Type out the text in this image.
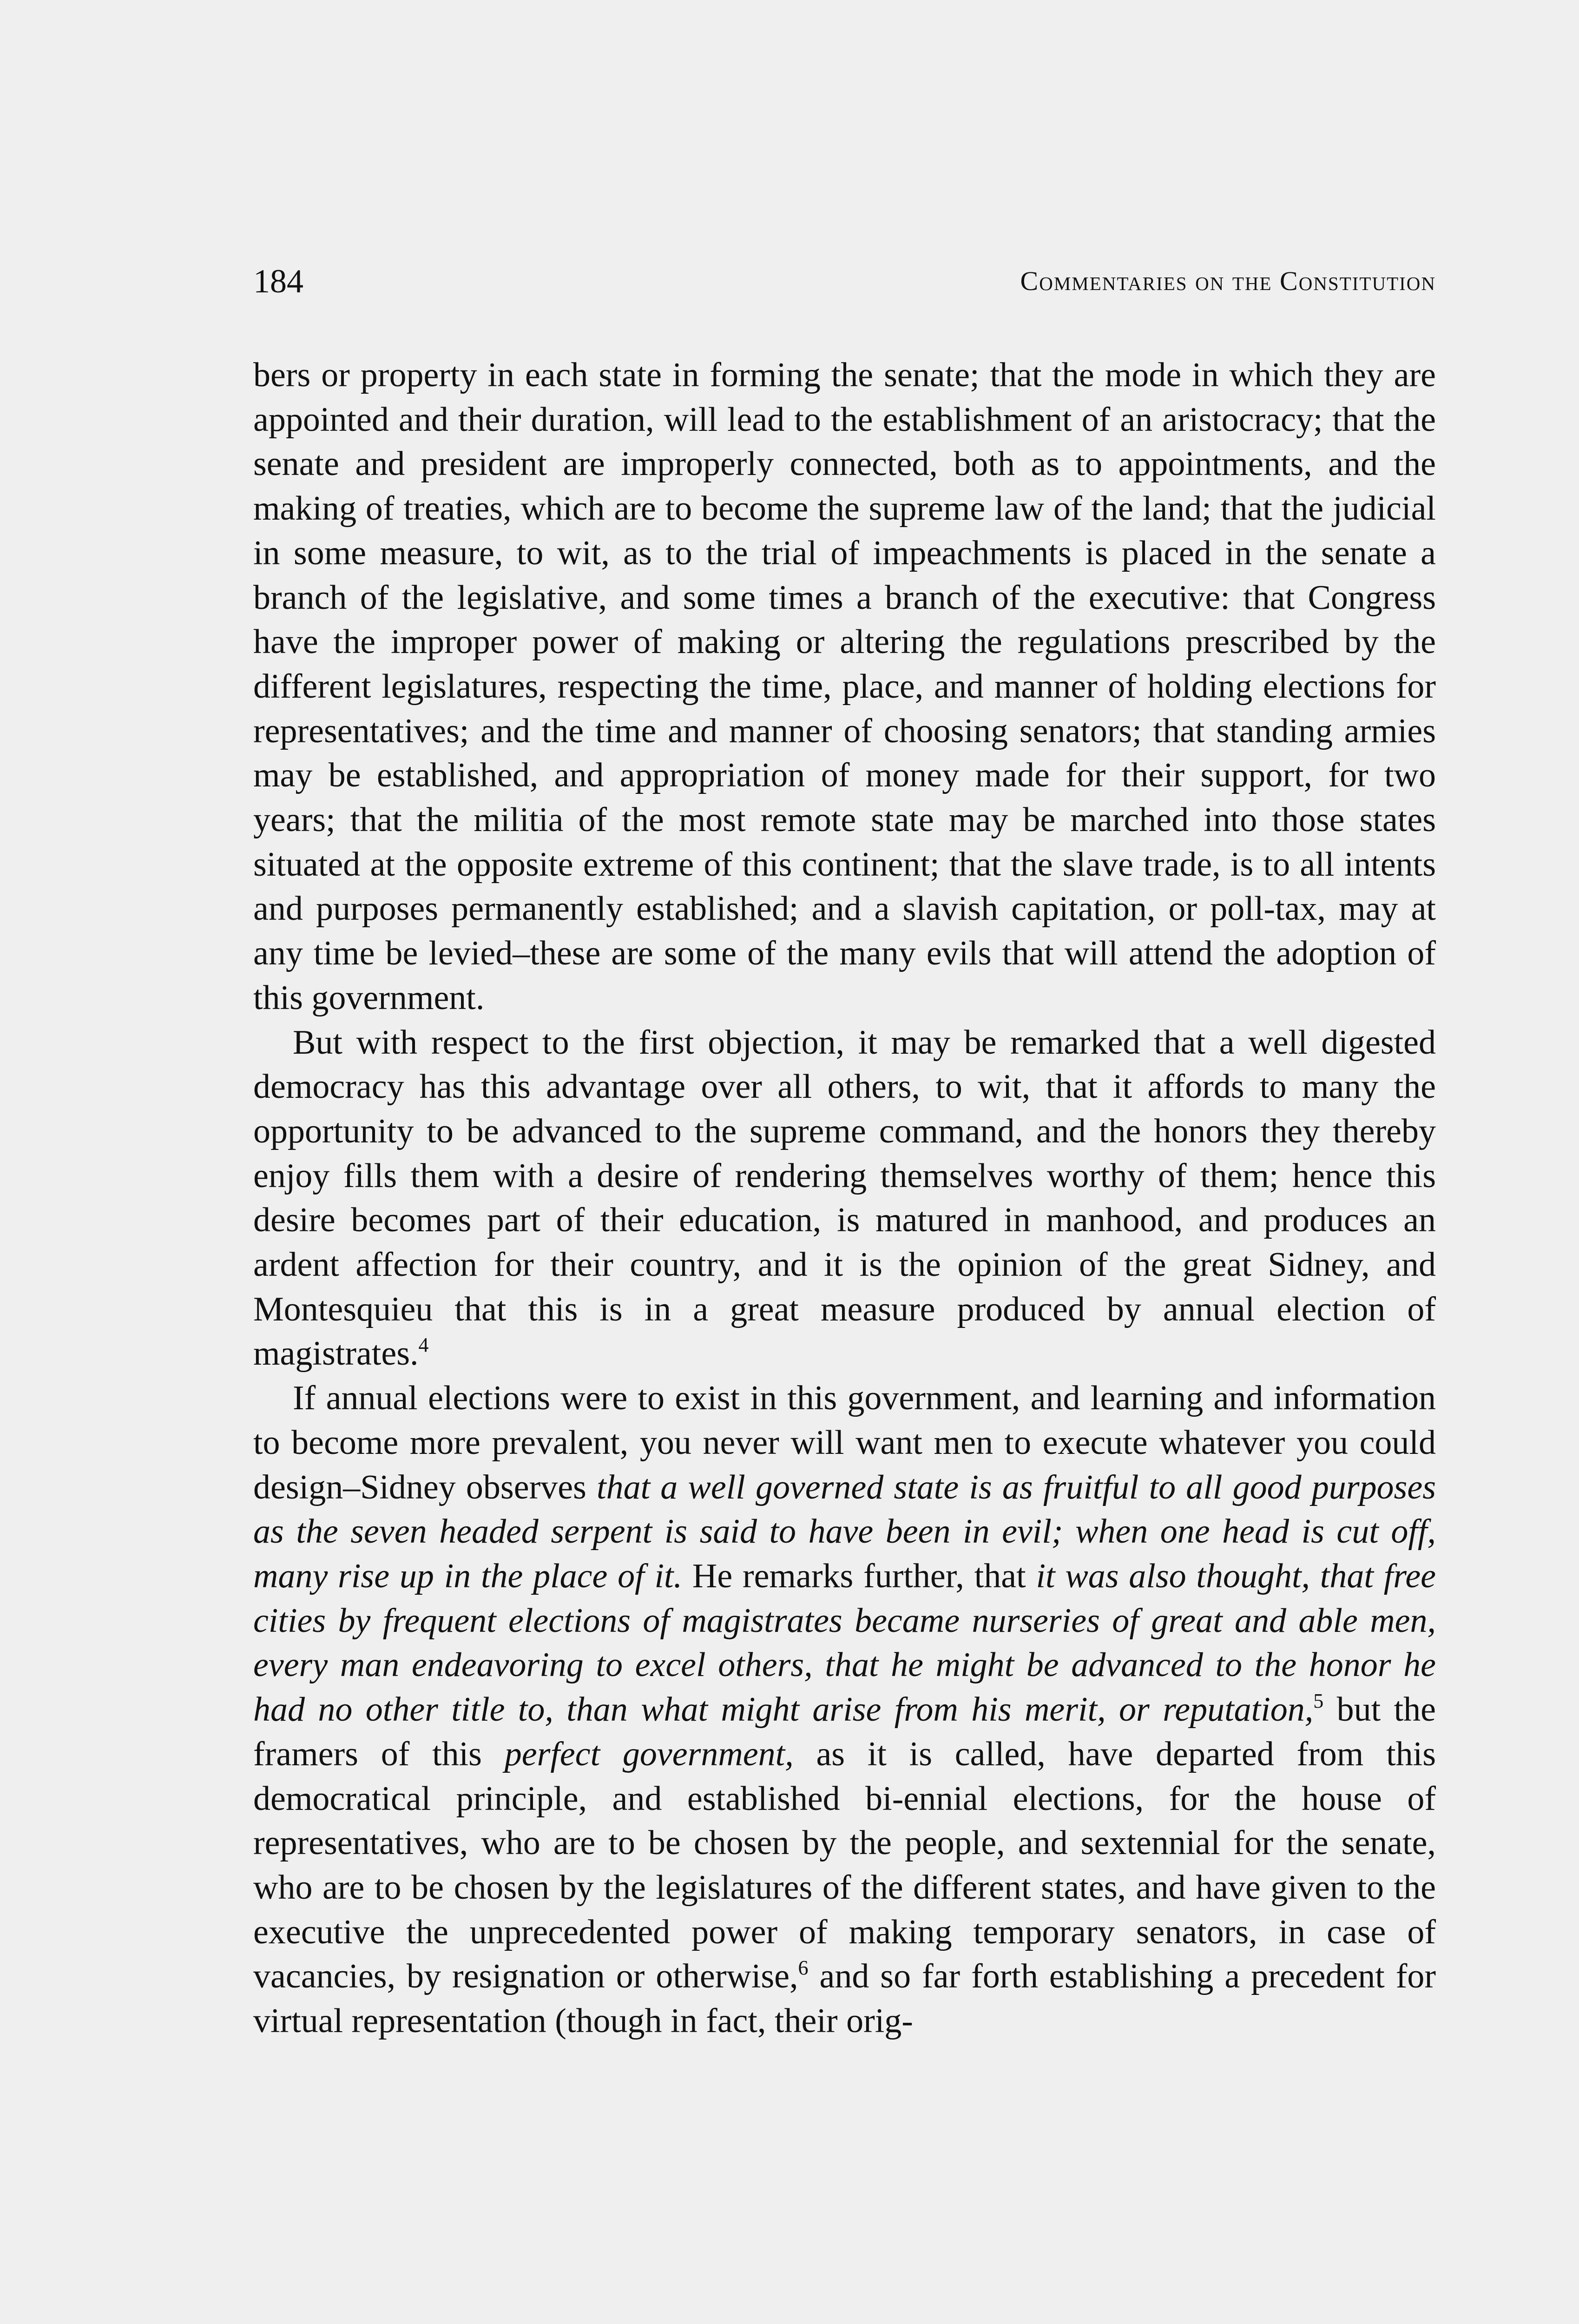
184	Commentaries on the Constitution

bers or property in each state in forming the senate; that the mode in which they are appointed and their duration, will lead to the establishment of an aristocracy; that the senate and president are improperly connected, both as to appointments, and the making of treaties, which are to become the supreme law of the land; that the judicial in some measure, to wit, as to the trial of impeachments is placed in the senate a branch of the legislative, and some times a branch of the executive: that Congress have the improper power of making or altering the regulations prescribed by the different legislatures, respecting the time, place, and manner of holding elections for representatives; and the time and manner of choosing senators; that standing armies may be established, and appropriation of money made for their support, for two years; that the militia of the most remote state may be marched into those states situated at the opposite extreme of this continent; that the slave trade, is to all intents and purposes permanently established; and a slavish capitation, or poll-tax, may at any time be levied–these are some of the many evils that will attend the adoption of this government.

But with respect to the first objection, it may be remarked that a well digested democracy has this advantage over all others, to wit, that it affords to many the opportunity to be advanced to the supreme command, and the honors they thereby enjoy fills them with a desire of rendering themselves worthy of them; hence this desire becomes part of their education, is matured in manhood, and produces an ardent affection for their country, and it is the opinion of the great Sidney, and Montesquieu that this is in a great measure produced by annual election of magistrates.$^4$

If annual elections were to exist in this government, and learning and information to become more prevalent, you never will want men to execute whatever you could design–Sidney observes that a well governed state is as fruitful to all good purposes as the seven headed serpent is said to have been in evil; when one head is cut off, many rise up in the place of it. He remarks further, that it was also thought, that free cities by frequent elections of magistrates became nurseries of great and able men, every man endeavoring to excel others, that he might be advanced to the honor he had no other title to, than what might arise from his merit, or reputation,$^5$ but the framers of this perfect government, as it is called, have departed from this democratical principle, and established bi-ennial elections, for the house of representatives, who are to be chosen by the people, and sextennial for the senate, who are to be chosen by the legislatures of the different states, and have given to the executive the unprecedented power of making temporary senators, in case of vacancies, by resignation or otherwise,$^6$ and so far forth establishing a precedent for virtual representation (though in fact, their orig-
